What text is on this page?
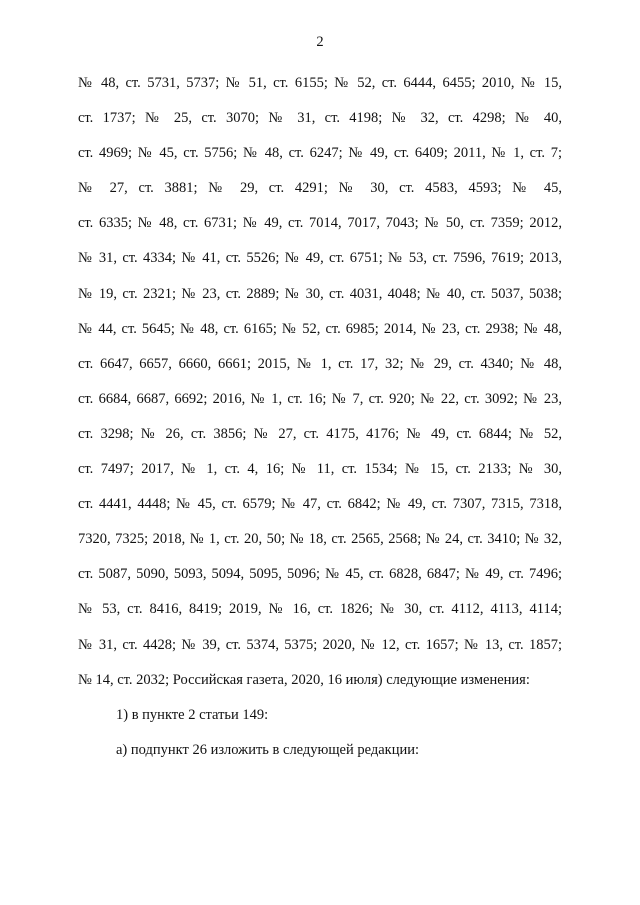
2
№ 48, ст. 5731, 5737; № 51, ст. 6155; № 52, ст. 6444, 6455; 2010, № 15,
ст. 1737; № 25, ст. 3070; № 31, ст. 4198; № 32, ст. 4298; № 40,
ст. 4969; № 45, ст. 5756; № 48, ст. 6247; № 49, ст. 6409; 2011, № 1, ст. 7;
№ 27, ст. 3881; № 29, ст. 4291; № 30, ст. 4583, 4593; № 45,
ст. 6335; № 48, ст. 6731; № 49, ст. 7014, 7017, 7043; № 50, ст. 7359; 2012,
№ 31, ст. 4334; № 41, ст. 5526; № 49, ст. 6751; № 53, ст. 7596, 7619; 2013,
№ 19, ст. 2321; № 23, ст. 2889; № 30, ст. 4031, 4048; № 40, ст. 5037, 5038;
№ 44, ст. 5645; № 48, ст. 6165; № 52, ст. 6985; 2014, № 23, ст. 2938; № 48,
ст. 6647, 6657, 6660, 6661; 2015, № 1, ст. 17, 32; № 29, ст. 4340; № 48,
ст. 6684, 6687, 6692; 2016, № 1, ст. 16; № 7, ст. 920; № 22, ст. 3092; № 23,
ст. 3298; № 26, ст. 3856; № 27, ст. 4175, 4176; № 49, ст. 6844; № 52,
ст. 7497; 2017, № 1, ст. 4, 16; № 11, ст. 1534; № 15, ст. 2133; № 30,
ст. 4441, 4448; № 45, ст. 6579; № 47, ст. 6842; № 49, ст. 7307, 7315, 7318,
7320, 7325; 2018, № 1, ст. 20, 50; № 18, ст. 2565, 2568; № 24, ст. 3410; № 32,
ст. 5087, 5090, 5093, 5094, 5095, 5096; № 45, ст. 6828, 6847; № 49, ст. 7496;
№ 53, ст. 8416, 8419; 2019, № 16, ст. 1826; № 30, ст. 4112, 4113, 4114;
№ 31, ст. 4428; № 39, ст. 5374, 5375; 2020, № 12, ст. 1657; № 13, ст. 1857;
№ 14, ст. 2032; Российская газета, 2020, 16 июля) следующие изменения:
1) в пункте 2 статьи 149:
а) подпункт 26 изложить в следующей редакции:
